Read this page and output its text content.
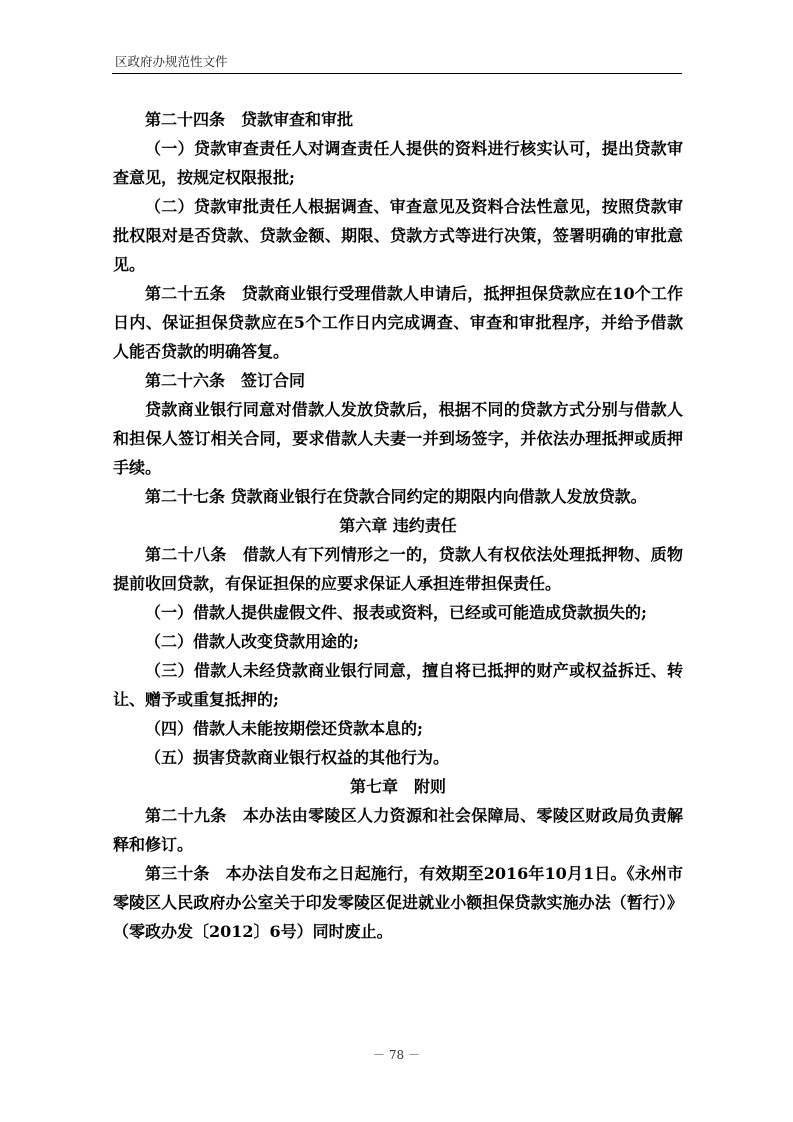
区政府办规范性文件

第二十四条　贷款审查和审批

（一）贷款审查责任人对调查责任人提供的资料进行核实认可，提出贷款审查意见，按规定权限报批;

（二）贷款审批责任人根据调查、审查意见及资料合法性意见，按照贷款审批权限对是否贷款、贷款金额、期限、贷款方式等进行决策，签署明确的审批意见。

第二十五条　贷款商业银行受理借款人申请后，抵押担保贷款应在10个工作日内、保证担保贷款应在5个工作日内完成调查、审查和审批程序，并给予借款人能否贷款的明确答复。

第二十六条　签订合同

贷款商业银行同意对借款人发放贷款后，根据不同的贷款方式分别与借款人和担保人签订相关合同，要求借款人夫妻一并到场签字，并依法办理抵押或质押手续。

第二十七条 贷款商业银行在贷款合同约定的期限内向借款人发放贷款。

第六章 违约责任

第二十八条　借款人有下列情形之一的，贷款人有权依法处理抵押物、质物提前收回贷款，有保证担保的应要求保证人承担连带担保责任。

（一）借款人提供虚假文件、报表或资料，已经或可能造成贷款损失的;

（二）借款人改变贷款用途的;

（三）借款人未经贷款商业银行同意，擅自将已抵押的财产或权益拆迁、转让、赠予或重复抵押的;

（四）借款人未能按期偿还贷款本息的;

（五）损害贷款商业银行权益的其他行为。

第七章　附则

第二十九条　本办法由零陵区人力资源和社会保障局、零陵区财政局负责解释和修订。

第三十条　本办法自发布之日起施行，有效期至2016年10月1日。《永州市零陵区人民政府办公室关于印发零陵区促进就业小额担保贷款实施办法（暂行）》（零政办发〔2012〕6号）同时废止。

－ 78 －
